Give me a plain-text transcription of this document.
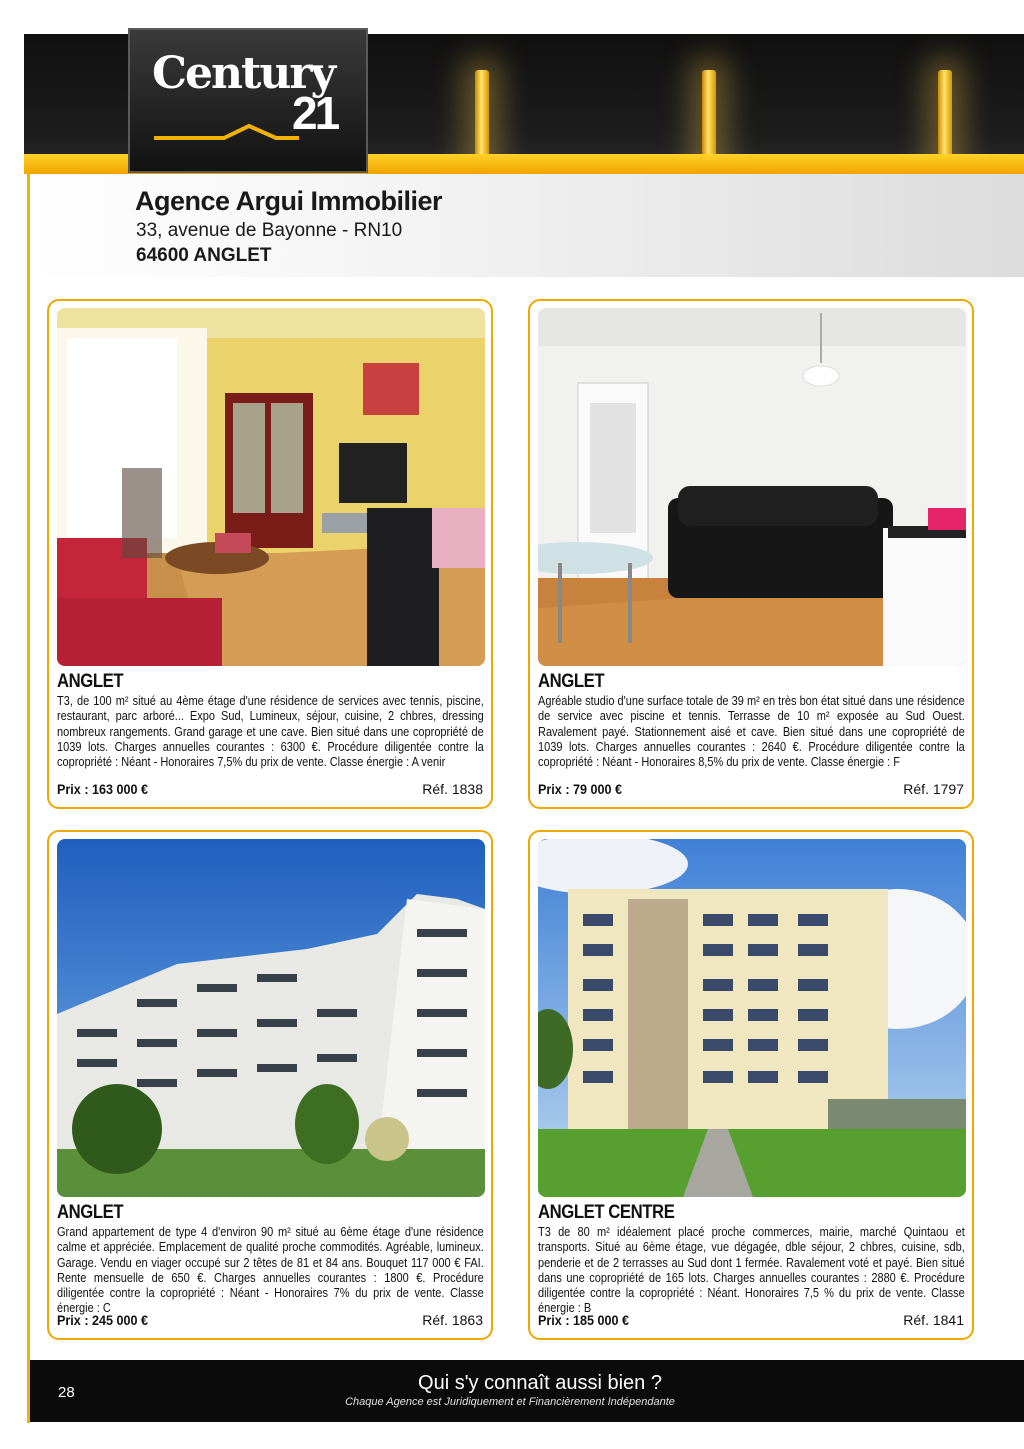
Century
21
Agence Argui Immobilier
33, avenue de Bayonne - RN10
64600 ANGLET
ANGLET
T3, de 100 m² situé au 4ème étage d'une résidence de services avec tennis, piscine, restaurant, parc arboré... Expo Sud, Lumineux, séjour, cuisine, 2 chbres, dressing nombreux rangements. Grand garage et une cave. Bien situé dans une copropriété de 1039 lots. Charges annuelles courantes : 6300 €. Procédure diligentée contre la copropriété : Néant - Honoraires 7,5% du prix de vente. Classe énergie : A venir
Prix : 163 000 €	Réf. 1838
ANGLET
Agréable studio d'une surface totale de 39 m² en très bon état situé dans une résidence de service avec piscine et tennis. Terrasse de 10 m² exposée au Sud Ouest. Ravalement payé. Stationnement aisé et cave. Bien situé dans une copropriété de 1039 lots. Charges annuelles courantes : 2640 €. Procédure diligentée contre la copropriété : Néant - Honoraires 8,5% du prix de vente. Classe énergie : F
Prix : 79 000 €	Réf. 1797
ANGLET
Grand appartement de type 4 d'environ 90 m² situé au 6ème étage d'une résidence calme et appréciée. Emplacement de qualité proche commodités. Agréable, lumineux. Garage. Vendu en viager occupé sur 2 têtes de 81 et 84 ans. Bouquet 117 000 € FAI. Rente mensuelle de 650 €. Charges annuelles courantes : 1800 €. Procédure diligentée contre la copropriété : Néant - Honoraires 7% du prix de vente. Classe énergie : C
Prix : 245 000 €	Réf. 1863
ANGLET CENTRE
T3 de 80 m² idéalement placé proche commerces, mairie, marché Quintaou et transports. Situé au 6ème étage, vue dégagée, dble séjour, 2 chbres, cuisine, sdb, penderie et de 2 terrasses au Sud dont 1 fermée. Ravalement voté et payé. Bien situé dans une copropriété de 165 lots. Charges annuelles courantes : 2880 €. Procédure diligentée contre la copropriété : Néant. Honoraires 7,5 % du prix de vente. Classe énergie : B
Prix : 185 000 €	Réf. 1841
28	Qui s'y connaît aussi bien ?
Chaque Agence est Juridiquement et Financièrement Indépendante
